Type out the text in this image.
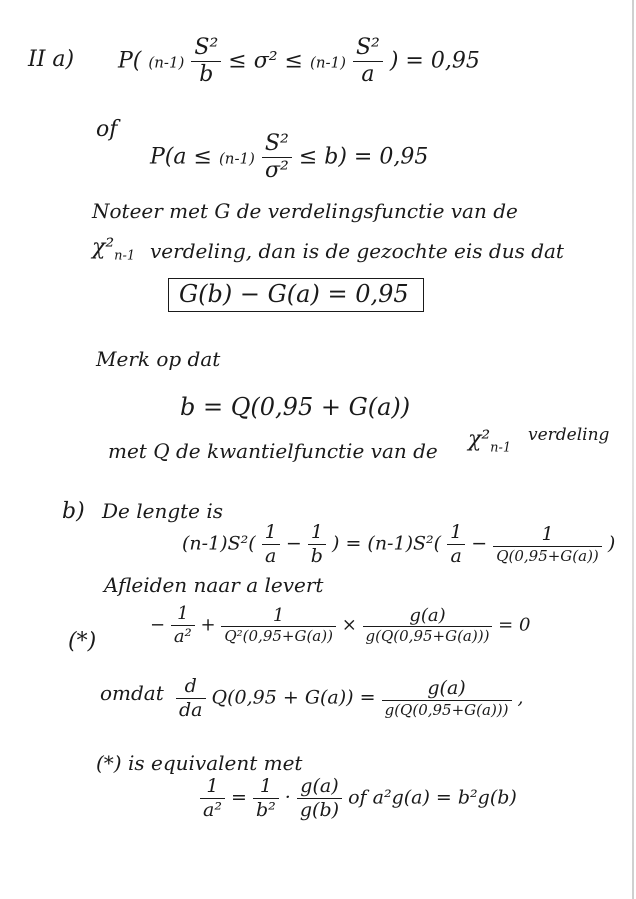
II a) P( $(n-1) \frac{\text{S²}}{b} \le \sigma^2 \le (n-1) \frac{\text{S²}}{a}$ ) = 0,95
of
$P(a \le (n-1) \frac{\text{S²}}{\text{σ²}} \le b) = 0,95$
Noteer met G de verdelingsfunctie van de
$\chi^2_{n-1}$ verdeling, dan is de gezochte eis dus dat
G(b) − G(a) = 0,95
Merk op dat
b = Q(0,95 + G(a))
met Q de kwantielfunctie van de $\chi^2_{n-1}$
verdeling
b) De lengte is
$(n-1)S^2( \frac{1}{a} - \frac{1}{b}$ ) = $(n-1)S^2( \frac{1}{a} - \frac{1}{Q(0,95+G(a))}$ )
Afleiden naar a levert
(*)
− $\frac{1}{\text{a²}} + \frac{1}{\text{Q²(0,95+G(a))}} \times \frac{g(a)}{g(Q(0,95+G(a)))} = 0$
omdat $\frac{d}{da} Q(0,95 + G(a)) = \frac{g(a)}{g(Q(0,95+G(a)))}$ ,
(*) is equivalent met
$\frac{1}{\text{a²}} = \frac{1}{\text{b²}} \cdot \frac{g(a)}{g(b)}$ of a²g(a) = b²g(b)
